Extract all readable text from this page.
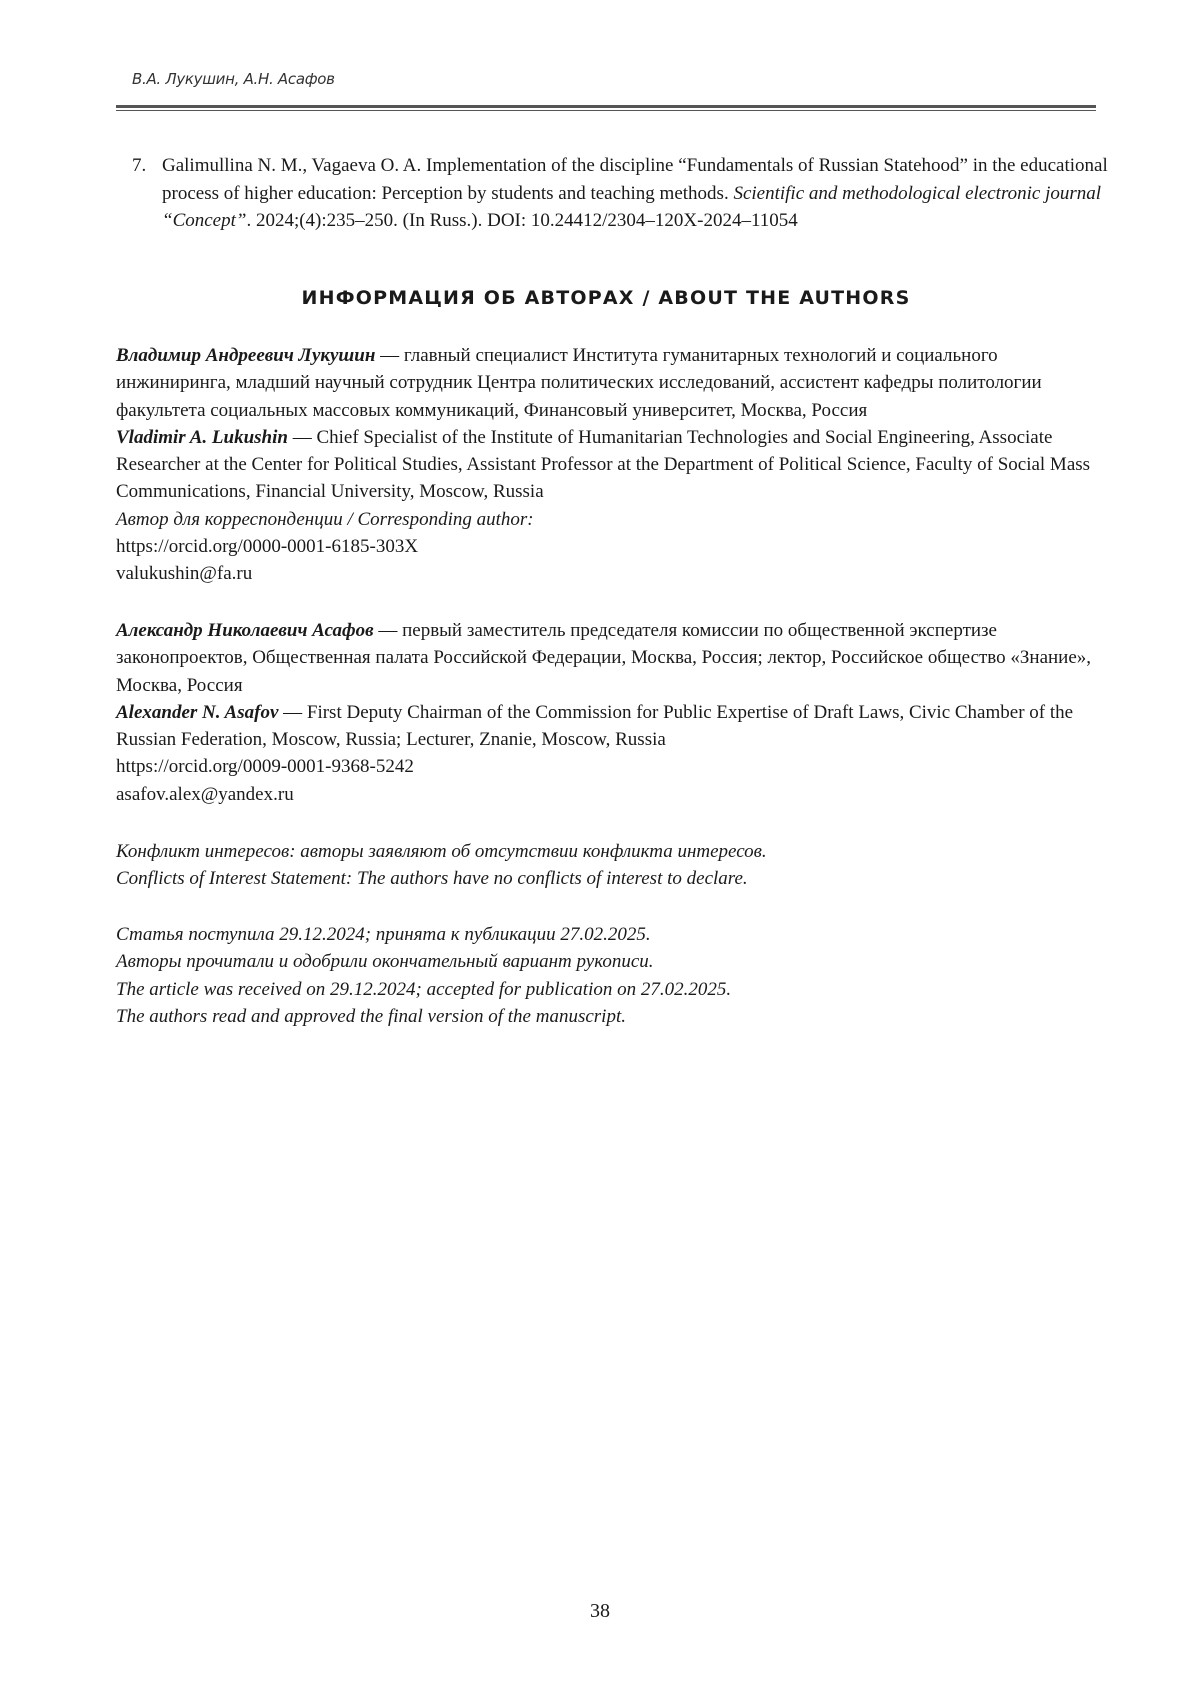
В.А. Лукушин, А.Н. Асафов
7. Galimullina N. M., Vagaeva O. A. Implementation of the discipline “Fundamentals of Russian Statehood” in the educational process of higher education: Perception by students and teaching methods. Scientific and methodological electronic journal “Concept”. 2024;(4):235–250. (In Russ.). DOI: 10.24412/2304–120X-2024–11054
ИНФОРМАЦИЯ ОБ АВТОРАХ / ABOUT THE AUTHORS

Владимир Андреевич Лукушин — главный специалист Института гуманитарных технологий и социального инжиниринга, младший научный сотрудник Центра политических исследований, ассистент кафедры политологии факультета социальных массовых коммуникаций, Финансовый университет, Москва, Россия

Vladimir A. Lukushin — Chief Specialist of the Institute of Humanitarian Technologies and Social Engineering, Associate Researcher at the Center for Political Studies, Assistant Professor at the Department of Political Science, Faculty of Social Mass Communications, Financial University, Moscow, Russia

Автор для корреспонденции / Corresponding author:

https://orcid.org/0000-0001-6185-303X

valukushin@fa.ru

Александр Николаевич Асафов — первый заместитель председателя комиссии по общественной экспертизе законопроектов, Общественная палата Российской Федерации, Москва, Россия; лектор, Российское общество «Знание», Москва, Россия

Alexander N. Asafov — First Deputy Chairman of the Commission for Public Expertise of Draft Laws, Civic Chamber of the Russian Federation, Moscow, Russia; Lecturer, Znanie, Moscow, Russia

https://orcid.org/0009-0001-9368-5242

asafov.alex@yandex.ru

Конфликт интересов: авторы заявляют об отсутствии конфликта интересов.

Conflicts of Interest Statement: The authors have no conflicts of interest to declare.

Статья поступила 29.12.2024; принята к публикации 27.02.2025.

Авторы прочитали и одобрили окончательный вариант рукописи.

The article was received on 29.12.2024; accepted for publication on 27.02.2025.

The authors read and approved the final version of the manuscript.

38
